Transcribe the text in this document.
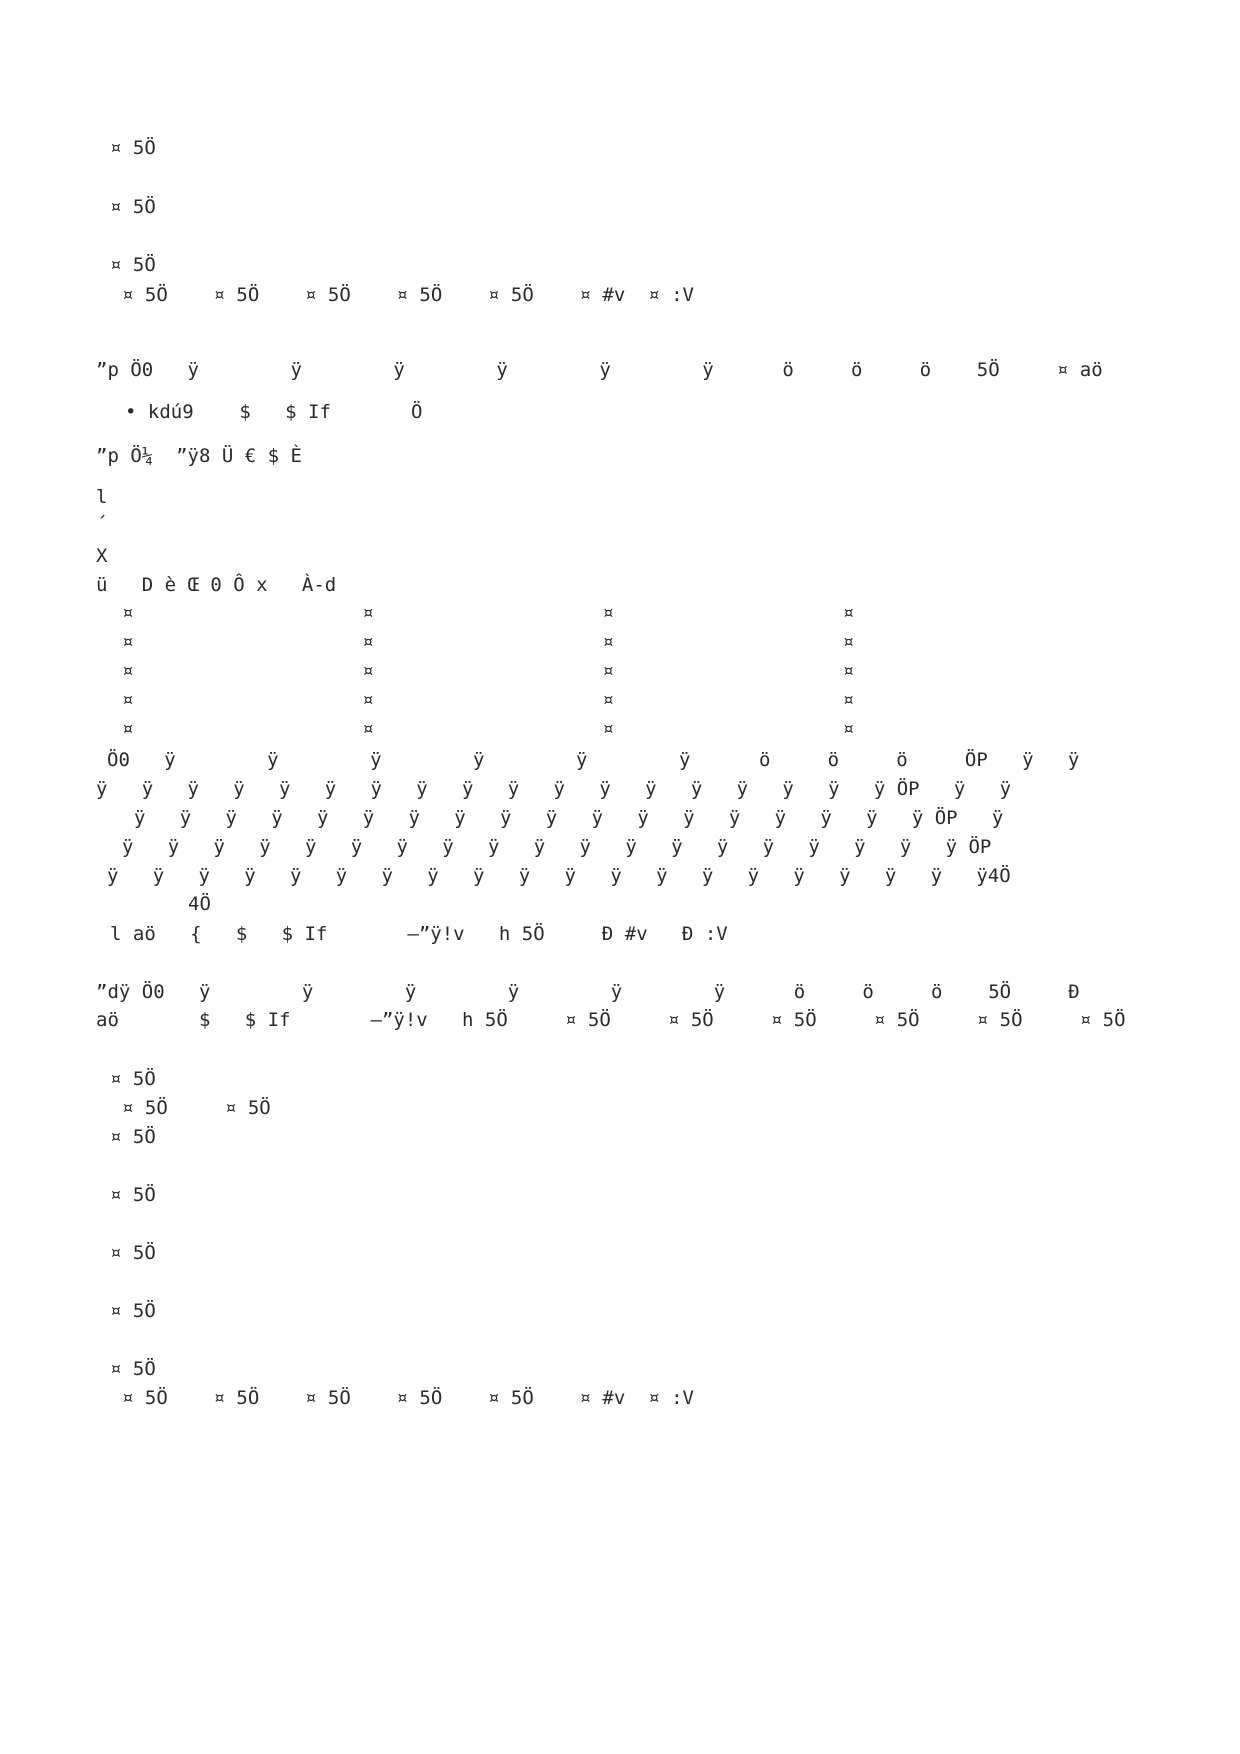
¤ 5Ö
¤ 5Ö
¤ 5Ö
¤ 5Ö    ¤ 5Ö    ¤ 5Ö    ¤ 5Ö    ¤ 5Ö    ¤ #v  ¤ :V
”p Ö0   ÿ        ÿ        ÿ        ÿ        ÿ        ÿ      ö     ö     ö    5Ö     ¤ aö
• kdú9    $   $ If       Ö
”p Ö¼  ”ÿ8 Ü € $ È
l
´
X
ü   D è Œ 0 Ô x   À-d
¤                    ¤                    ¤                    ¤
¤                    ¤                    ¤                    ¤
¤                    ¤                    ¤                    ¤
¤                    ¤                    ¤                    ¤
¤                    ¤                    ¤                    ¤
Ö0   ÿ        ÿ        ÿ        ÿ        ÿ        ÿ      ö     ö     ö     ÖP   ÿ   ÿ
ÿ   ÿ   ÿ   ÿ   ÿ   ÿ   ÿ   ÿ   ÿ   ÿ   ÿ   ÿ   ÿ   ÿ   ÿ   ÿ   ÿ   ÿ ÖP   ÿ   ÿ
ÿ   ÿ   ÿ   ÿ   ÿ   ÿ   ÿ   ÿ   ÿ   ÿ   ÿ   ÿ   ÿ   ÿ   ÿ   ÿ   ÿ   ÿ ÖP   ÿ
ÿ   ÿ   ÿ   ÿ   ÿ   ÿ   ÿ   ÿ   ÿ   ÿ   ÿ   ÿ   ÿ   ÿ   ÿ   ÿ   ÿ   ÿ   ÿ ÖP
ÿ   ÿ   ÿ   ÿ   ÿ   ÿ   ÿ   ÿ   ÿ   ÿ   ÿ   ÿ   ÿ   ÿ   ÿ   ÿ   ÿ   ÿ   ÿ   ÿ4Ö
4Ö
l aö   {   $   $ If       –”ÿ!v   h 5Ö     Ð #v   Ð :V
”dÿ Ö0   ÿ        ÿ        ÿ        ÿ        ÿ        ÿ      ö     ö     ö    5Ö     Ð
aö       $   $ If       –”ÿ!v   h 5Ö     ¤ 5Ö     ¤ 5Ö     ¤ 5Ö     ¤ 5Ö     ¤ 5Ö     ¤ 5Ö
¤ 5Ö
¤ 5Ö     ¤ 5Ö
¤ 5Ö
¤ 5Ö
¤ 5Ö
¤ 5Ö
¤ 5Ö
¤ 5Ö    ¤ 5Ö    ¤ 5Ö    ¤ 5Ö    ¤ 5Ö    ¤ #v  ¤ :V
